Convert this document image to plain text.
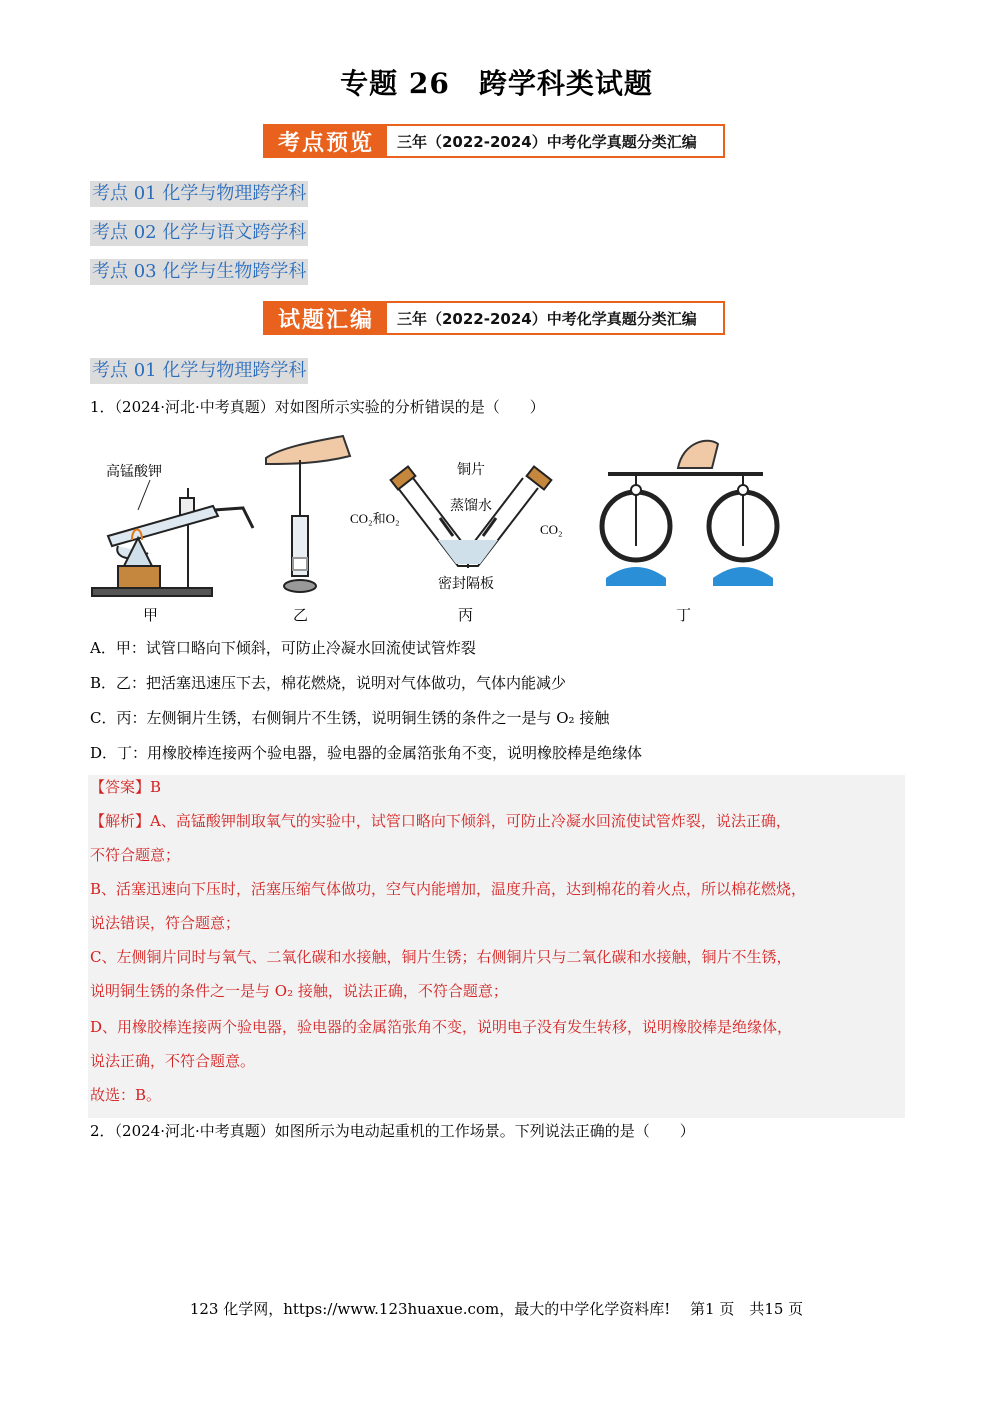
专题 26　跨学科类试题
考点预览	三年（2022-2024）中考化学真题分类汇编
考点 01 化学与物理跨学科
考点 02 化学与语文跨学科
考点 03 化学与生物跨学科
试题汇编	三年（2022-2024）中考化学真题分类汇编
考点 01 化学与物理跨学科
1．（2024·河北·中考真题）对如图所示实验的分析错误的是（　　）
高锰酸钾
甲	乙
铜片
蒸馏水
CO₂和O₂
CO₂
密封隔板
丙	丁
A．甲：试管口略向下倾斜，可防止冷凝水回流使试管炸裂
B．乙：把活塞迅速压下去，棉花燃烧，说明对气体做功，气体内能减少
C．丙：左侧铜片生锈，右侧铜片不生锈，说明铜生锈的条件之一是与 O₂ 接触
D．丁：用橡胶棒连接两个验电器，验电器的金属箔张角不变，说明橡胶棒是绝缘体
【答案】B
【解析】A、高锰酸钾制取氧气的实验中，试管口略向下倾斜，可防止冷凝水回流使试管炸裂，说法正确，
不符合题意；
B、活塞迅速向下压时，活塞压缩气体做功，空气内能增加，温度升高，达到棉花的着火点，所以棉花燃烧，
说法错误，符合题意；
C、左侧铜片同时与氧气、二氧化碳和水接触，铜片生锈；右侧铜片只与二氧化碳和水接触，铜片不生锈，
说明铜生锈的条件之一是与 O₂ 接触，说法正确，不符合题意；
D、用橡胶棒连接两个验电器，验电器的金属箔张角不变，说明电子没有发生转移，说明橡胶棒是绝缘体，
说法正确，不符合题意。
故选：B。
2．（2024·河北·中考真题）如图所示为电动起重机的工作场景。下列说法正确的是（　　）
123 化学网，https://www.123huaxue.com，最大的中学化学资料库!　 第1 页　共15 页
